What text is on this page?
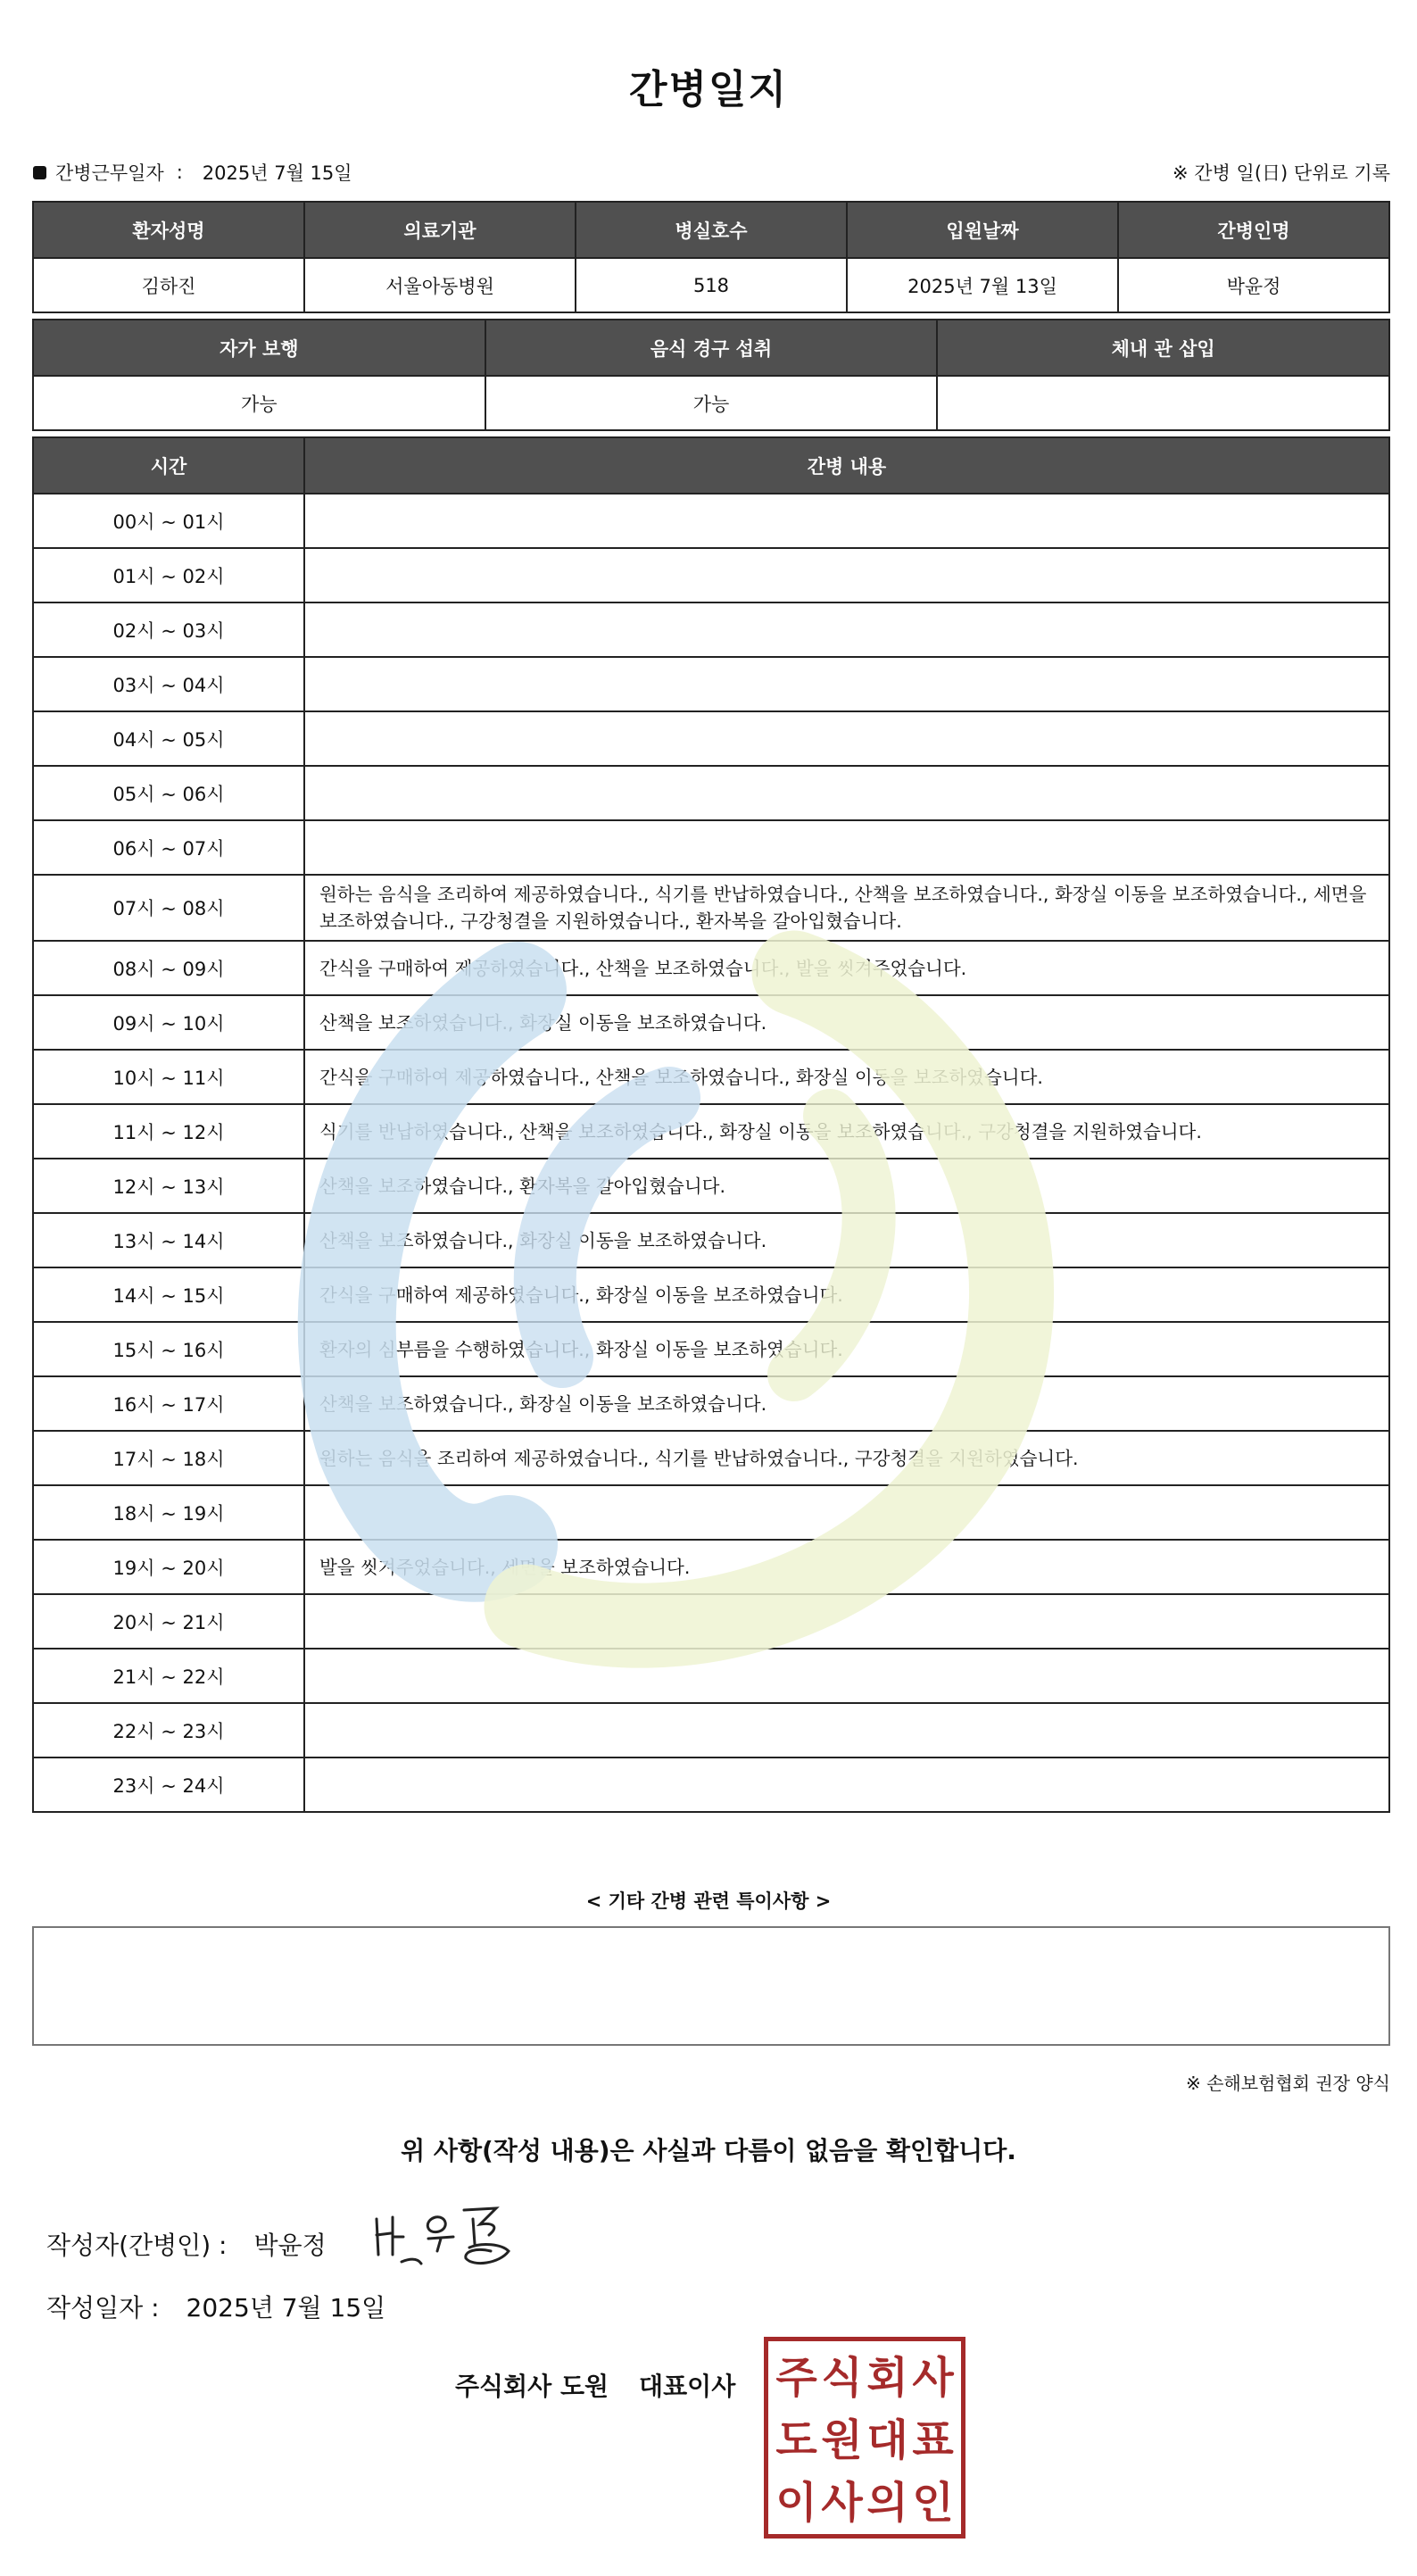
간병일지
간병근무일자 : 2025년 7월 15일	※ 간병 일(日) 단위로 기록
환자성명	의료기관	병실호수	입원날짜	간병인명
김하진	서울아동병원	518	2025년 7월 13일	박윤정
자가 보행	음식 경구 섭취	체내 관 삽입
가능	가능	
시간	간병 내용
00시 ~ 01시	
01시 ~ 02시	
02시 ~ 03시	
03시 ~ 04시	
04시 ~ 05시	
05시 ~ 06시	
06시 ~ 07시	
07시 ~ 08시	원하는 음식을 조리하여 제공하였습니다., 식기를 반납하였습니다., 산책을 보조하였습니다., 화장실 이동을 보조하였습니다., 세면을 보조하였습니다., 구강청결을 지원하였습니다., 환자복을 갈아입혔습니다.
08시 ~ 09시	간식을 구매하여 제공하였습니다., 산책을 보조하였습니다., 발을 씻겨주었습니다.
09시 ~ 10시	산책을 보조하였습니다., 화장실 이동을 보조하였습니다.
10시 ~ 11시	간식을 구매하여 제공하였습니다., 산책을 보조하였습니다., 화장실 이동을 보조하였습니다.
11시 ~ 12시	식기를 반납하였습니다., 산책을 보조하였습니다., 화장실 이동을 보조하였습니다., 구강청결을 지원하였습니다.
12시 ~ 13시	산책을 보조하였습니다., 환자복을 갈아입혔습니다.
13시 ~ 14시	산책을 보조하였습니다., 화장실 이동을 보조하였습니다.
14시 ~ 15시	간식을 구매하여 제공하였습니다., 화장실 이동을 보조하였습니다.
15시 ~ 16시	환자의 심부름을 수행하였습니다., 화장실 이동을 보조하였습니다.
16시 ~ 17시	산책을 보조하였습니다., 화장실 이동을 보조하였습니다.
17시 ~ 18시	원하는 음식을 조리하여 제공하였습니다., 식기를 반납하였습니다., 구강청결을 지원하였습니다.
18시 ~ 19시	
19시 ~ 20시	발을 씻겨주었습니다., 세면을 보조하였습니다.
20시 ~ 21시	
21시 ~ 22시	
22시 ~ 23시	
23시 ~ 24시	
< 기타 간병 관련 특이사항 >
※ 손해보험협회 권장 양식
위 사항(작성 내용)은 사실과 다름이 없음을 확인합니다.
작성자(간병인) : 박윤정
작성일자 : 2025년 7월 15일
주식회사 도원 대표이사 주 식 회 사
도 원 대 표
이 사 의 인
